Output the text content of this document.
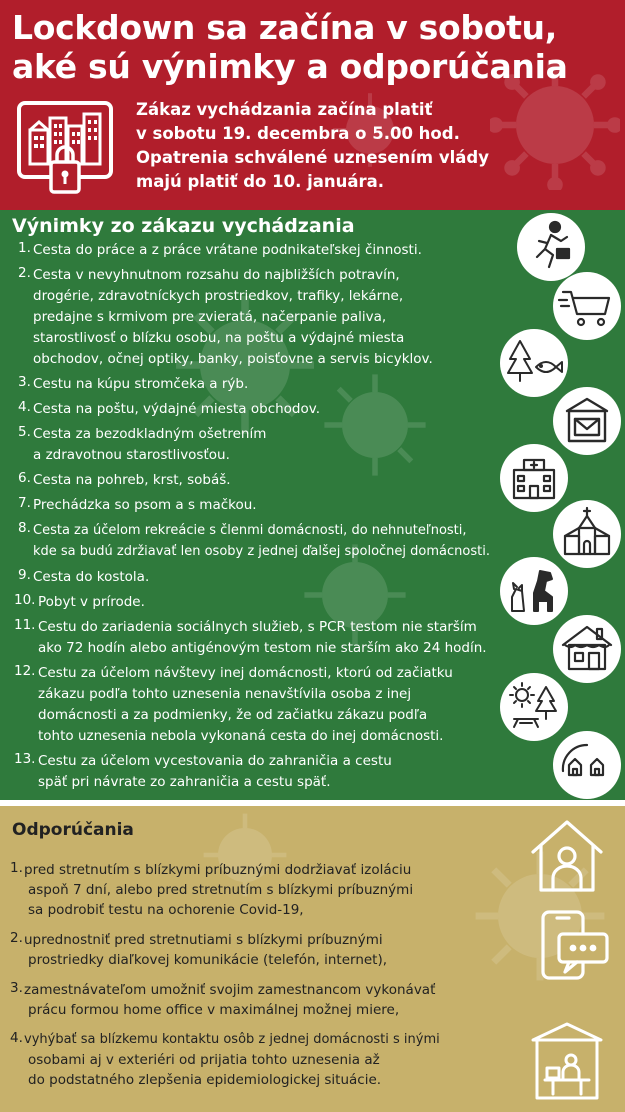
Lockdown sa začína v sobotu,
aké sú výnimky a odporúčania

Zákaz vychádzania začína platiť
v sobotu 19. decembra o 5.00 hod.
Opatrenia schválené uznesením vlády
majú platiť do 10. januára.

Výnimky zo zákazu vychádzania
1. Cesta do práce a z práce vrátane podnikateľskej činnosti.
2. Cesta v nevyhnutnom rozsahu do najbližších potravín,
drogérie, zdravotníckych prostriedkov, trafiky, lekárne,
predajne s krmivom pre zvieratá, načerpanie paliva,
starostlivosť o blízku osobu, na poštu a výdajné miesta
obchodov, očnej optiky, banky, poisťovne a servis bicyklov.
3. Cestu na kúpu stromčeka a rýb.
4. Cesta na poštu, výdajné miesta obchodov.
5. Cesta za bezodkladným ošetrením
a zdravotnou starostlivosťou.
6. Cesta na pohreb, krst, sobáš.
7. Prechádzka so psom a s mačkou.
8. Cesta za účelom rekreácie s členmi domácnosti, do nehnuteľnosti,
kde sa budú zdržiavať len osoby z jednej ďalšej spoločnej domácnosti.
9. Cesta do kostola.
10. Pobyt v prírode.
11. Cestu do zariadenia sociálnych služieb, s PCR testom nie starším
ako 72 hodín alebo antigénovým testom nie starším ako 24 hodín.
12. Cestu za účelom návštevy inej domácnosti, ktorú od začiatku
zákazu podľa tohto uznesenia nenavštívila osoba z inej
domácnosti a za podmienky, že od začiatku zákazu podľa
tohto uznesenia nebola vykonaná cesta do inej domácnosti.
13. Cestu za účelom vycestovania do zahraničia a cestu
späť pri návrate zo zahraničia a cestu späť.
Odporúčania
1. pred stretnutím s blízkymi príbuznými dodržiavať izoláciu
aspoň 7 dní, alebo pred stretnutím s blízkymi príbuznými
sa podrobiť testu na ochorenie Covid-19,
2. uprednostniť pred stretnutiami s blízkymi príbuznými
prostriedky diaľkovej komunikácie (telefón, internet),
3. zamestnávateľom umožniť svojim zamestnancom vykonávať
prácu formou home office v maximálnej možnej miere,
4. vyhýbať sa blízkemu kontaktu osôb z jednej domácnosti s inými
osobami aj v exteriéri od prijatia tohto uznesenia až
do podstatného zlepšenia epidemiologickej situácie.
